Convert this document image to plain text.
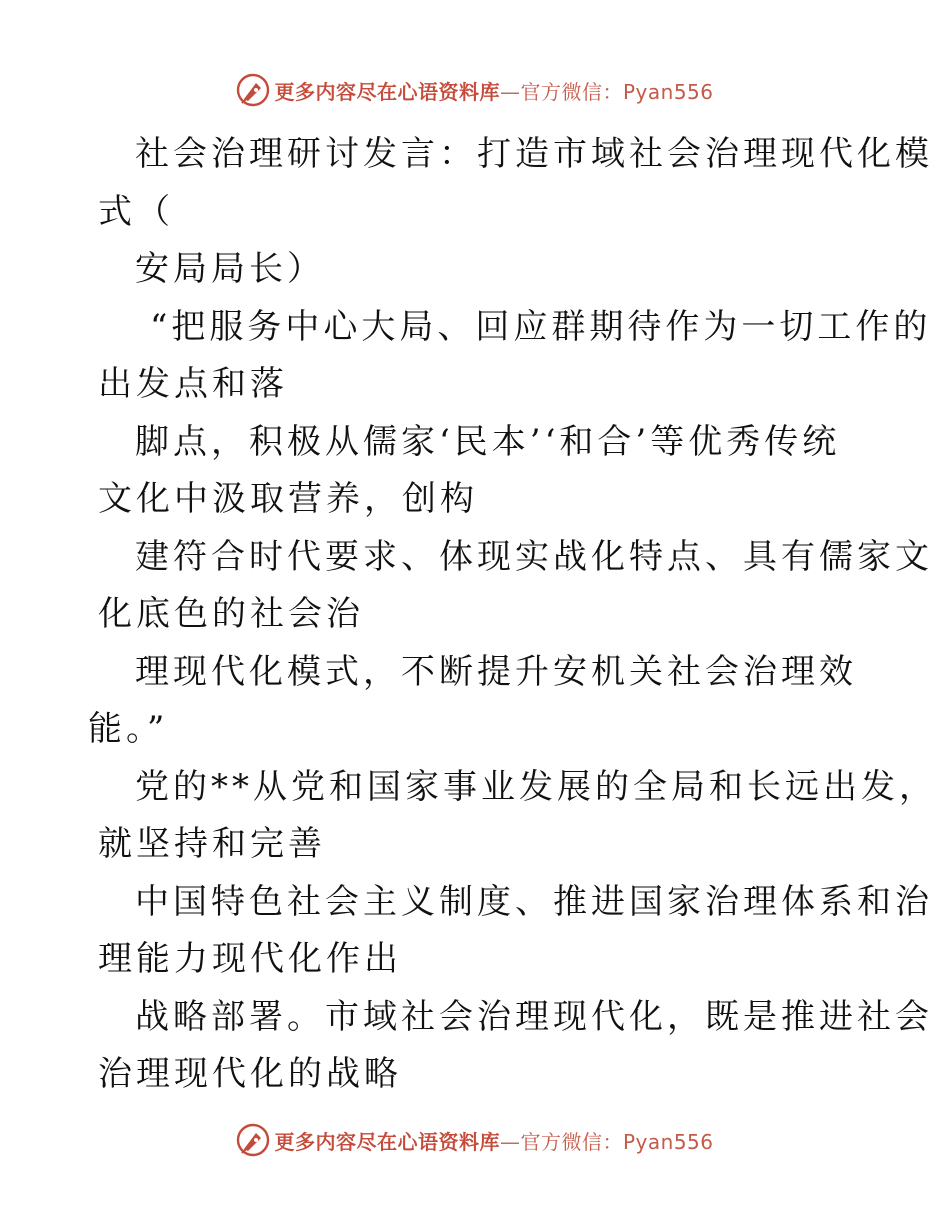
更多内容尽在心语资料库—官方微信：Pyan556
社会治理研讨发言：打造市域社会治理现代化模
式（
安局局长）
“把服务中心大局、回应群期待作为一切工作的
出发点和落
脚点，积极从儒家‘民本’‘和合’等优秀传统
文化中汲取营养，创构
建符合时代要求、体现实战化特点、具有儒家文
化底色的社会治
理现代化模式，不断提升安机关社会治理效
能。”
党的**从党和国家事业发展的全局和长远出发，
就坚持和完善
中国特色社会主义制度、推进国家治理体系和治
理能力现代化作出
战略部署。市域社会治理现代化，既是推进社会
治理现代化的战略
更多内容尽在心语资料库—官方微信：Pyan556
